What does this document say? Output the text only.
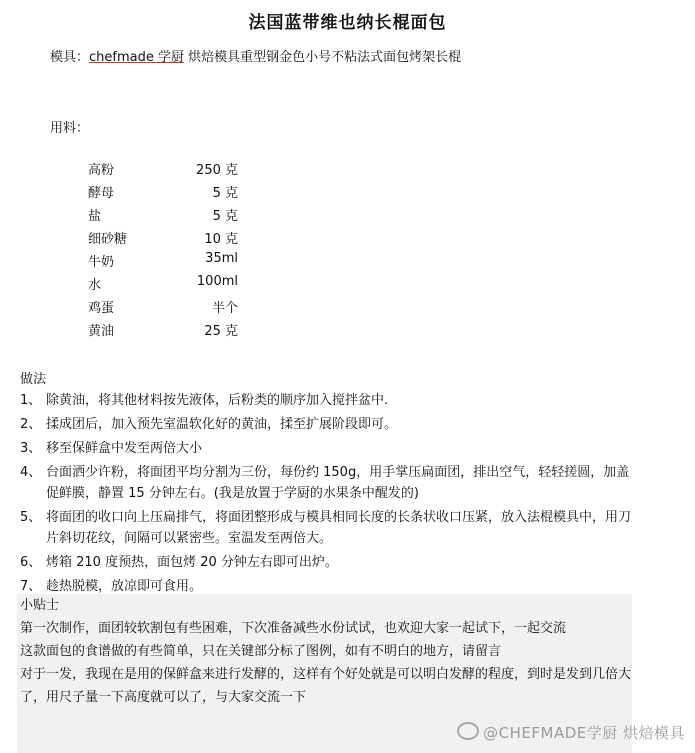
法国蓝带维也纳长棍面包
模具：chefmade 学厨 烘焙模具重型钢金色小号不粘法式面包烤架长棍
用料：
高粉	250 克
酵母	5 克
盐	5 克
细砂糖	10 克
牛奶	35ml
水	100ml
鸡蛋	半个
黄油	25 克
做法
1、 除黄油，将其他材料按先液体，后粉类的顺序加入搅拌盆中.
2、 揉成团后，加入预先室温软化好的黄油，揉至扩展阶段即可。
3、 移至保鲜盒中发至两倍大小
4、 台面洒少许粉，将面团平均分割为三份，每份约 150g，用手掌压扁面团，排出空气，轻轻搓圆，加盖促鲜膜，静置 15 分钟左右。(我是放置于学厨的水果条中醒发的)
5、 将面团的收口向上压扁排气，将面团整形成与模具相同长度的长条状收口压紧，放入法棍模具中，用刀片斜切花纹，间隔可以紧密些。室温发至两倍大。
6、 烤箱 210 度预热，面包烤 20 分钟左右即可出炉。
7、 趁热脱模，放凉即可食用。

小贴士

第一次制作，面团较软割包有些困难，下次准备减些水份试试，也欢迎大家一起试下，一起交流

这款面包的食谱做的有些简单，只在关键部分标了图例，如有不明白的地方，请留言

对于一发，我现在是用的保鲜盒来进行发酵的，这样有个好处就是可以明白发酵的程度，到时是发到几倍大了，用尺子量一下高度就可以了，与大家交流一下

@CHEFMADE学厨 烘焙模具
